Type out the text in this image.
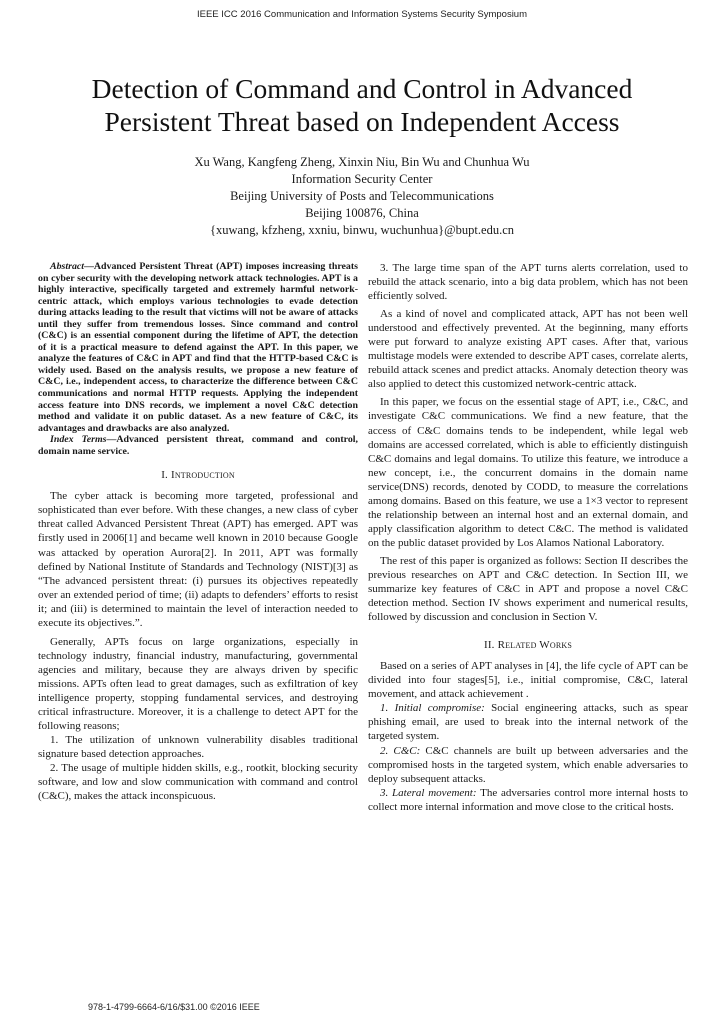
IEEE ICC 2016 Communication and Information Systems Security Symposium
Detection of Command and Control in Advanced Persistent Threat based on Independent Access
Xu Wang, Kangfeng Zheng, Xinxin Niu, Bin Wu and Chunhua Wu
Information Security Center
Beijing University of Posts and Telecommunications
Beijing 100876, China
{xuwang, kfzheng, xxniu, binwu, wuchunhua}@bupt.edu.cn

Abstract—Advanced Persistent Threat (APT) imposes increasing threats on cyber security with the developing network attack technologies. APT is a highly interactive, specifically targeted and extremely harmful network-centric attack, which employs various technologies to evade detection during attacks leading to the result that victims will not be aware of attacks until they suffer from tremendous losses. Since command and control (C&C) is an essential component during the lifetime of APT, the detection of it is a practical measure to defend against the APT. In this paper, we analyze the features of C&C in APT and find that the HTTP-based C&C is widely used. Based on the analysis results, we propose a new feature of C&C, i.e., independent access, to characterize the difference between C&C communications and normal HTTP requests. Applying the independent access feature into DNS records, we implement a novel C&C detection method and validate it on public dataset. As a new feature of C&C, its advantages and drawbacks are also analyzed.

Index Terms—Advanced persistent threat, command and control, domain name service.

I. Introduction

The cyber attack is becoming more targeted, professional and sophisticated than ever before. With these changes, a new class of cyber threat called Advanced Persistent Threat (APT) has emerged. APT was firstly used in 2006[1] and became well known in 2010 because Google was attacked by operation Aurora[2]. In 2011, APT was formally defined by National Institute of Standards and Technology (NIST)[3] as “The advanced persistent threat: (i) pursues its objectives repeatedly over an extended period of time; (ii) adapts to defenders’ efforts to resist it; and (iii) is determined to maintain the level of interaction needed to execute its objectives.”.

Generally, APTs focus on large organizations, especially in technology industry, financial industry, manufacturing, governmental agencies and military, because they are always driven by specific missions. APTs often lead to great damages, such as exfiltration of key intelligence property, stopping fundamental services, and destroying critical infrastructure. Moreover, it is a challenge to detect APT for the following reasons;

1. The utilization of unknown vulnerability disables traditional signature based detection approaches.

2. The usage of multiple hidden skills, e.g., rootkit, blocking security software, and low and slow communication with command and control (C&C), makes the attack inconspicuous.

3. The large time span of the APT turns alerts correlation, used to rebuild the attack scenario, into a big data problem, which has not been efficiently solved.

As a kind of novel and complicated attack, APT has not been well understood and effectively prevented. At the beginning, many efforts were put forward to analyze existing APT cases. After that, various multistage models were extended to describe APT cases, correlate alerts, rebuild attack scenes and predict attacks. Anomaly detection theory was also applied to detect this customized network-centric attack.

In this paper, we focus on the essential stage of APT, i.e., C&C, and investigate C&C communications. We find a new feature, that the access of C&C domains tends to be independent, while legal web domains are accessed correlated, which is able to efficiently distinguish C&C domains and legal domains. To utilize this feature, we introduce a new concept, i.e., the concurrent domains in the domain name service(DNS) records, denoted by CODD, to measure the correlations among domains. Based on this feature, we use a 1×3 vector to represent the relationship between an internal host and an external domain, and apply classification algorithm to detect C&C. The method is validated on the public dataset provided by Los Alamos National Laboratory.

The rest of this paper is organized as follows: Section II describes the previous researches on APT and C&C detection. In Section III, we summarize key features of C&C in APT and propose a novel C&C detection method. Section IV shows experiment and numerical results, followed by discussion and conclusion in Section V.

II. Related Works

Based on a series of APT analyses in [4], the life cycle of APT can be divided into four stages[5], i.e., initial compromise, C&C, lateral movement, and attack achievement .

1. Initial compromise: Social engineering attacks, such as spear phishing email, are used to break into the internal network of the targeted system.

2. C&C: C&C channels are built up between adversaries and the compromised hosts in the targeted system, which enable adversaries to deploy subsequent attacks.

3. Lateral movement: The adversaries control more internal hosts to collect more internal information and move close to the critical hosts.

978-1-4799-6664-6/16/$31.00 ©2016 IEEE
